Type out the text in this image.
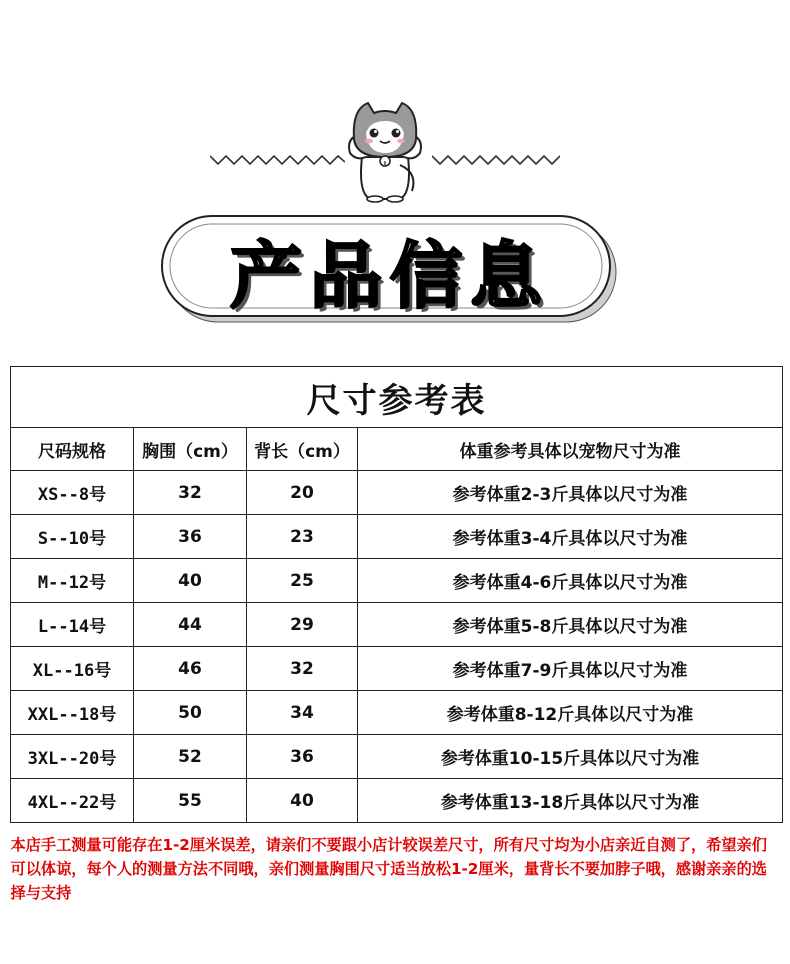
产品信息
尺寸参考表			
尺码规格	胸围（cm）	背长（cm）	体重参考具体以宠物尺寸为准
XS--8号	32	20	参考体重2-3斤具体以尺寸为准
S--10号	36	23	参考体重3-4斤具体以尺寸为准
M--12号	40	25	参考体重4-6斤具体以尺寸为准
L--14号	44	29	参考体重5-8斤具体以尺寸为准
XL--16号	46	32	参考体重7-9斤具体以尺寸为准
XXL--18号	50	34	参考体重8-12斤具体以尺寸为准
3XL--20号	52	36	参考体重10-15斤具体以尺寸为准
4XL--22号	55	40	参考体重13-18斤具体以尺寸为准

本店手工测量可能存在1-2厘米误差，请亲们不要跟小店计较误差尺寸，所有尺寸均为小店亲近自测了，希望亲们可以体谅，每个人的测量方法不同哦，亲们测量胸围尺寸适当放松1-2厘米，量背长不要加脖子哦，感谢亲亲的选择与支持			
